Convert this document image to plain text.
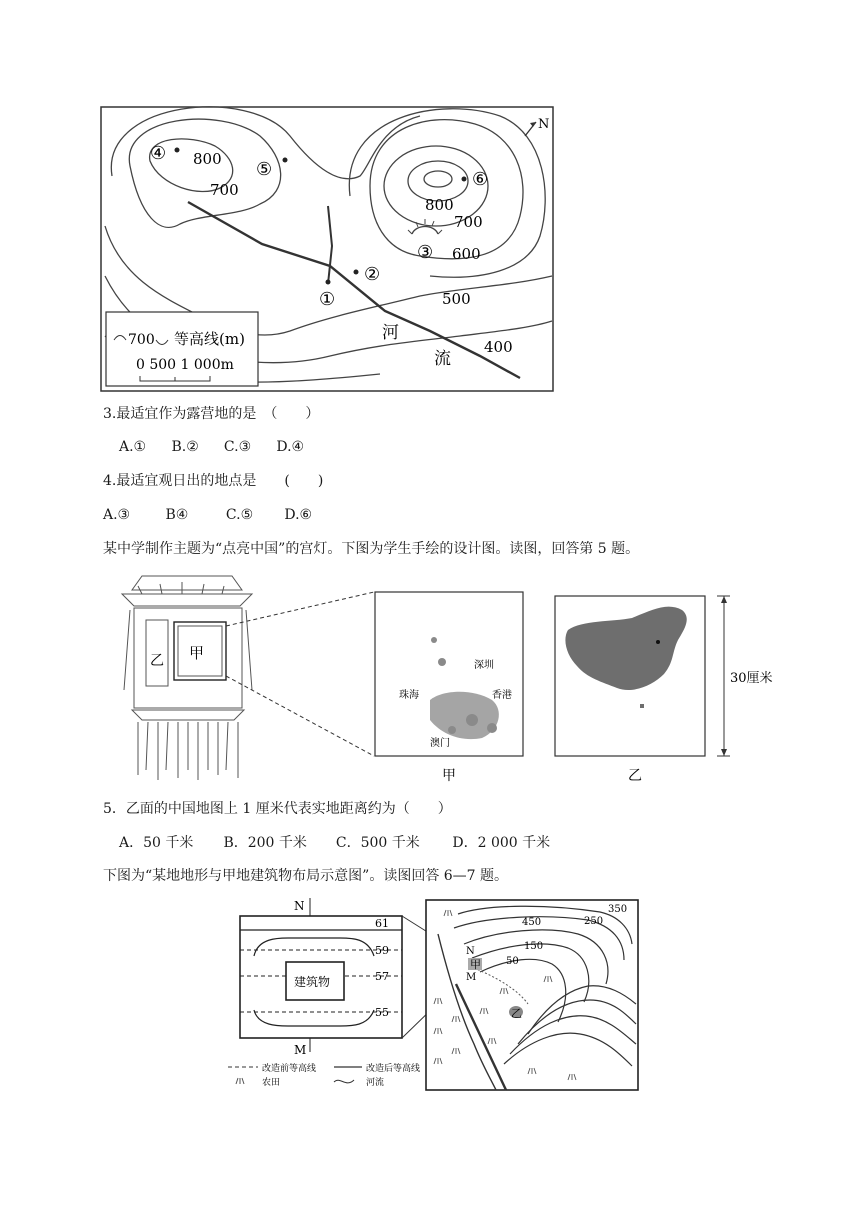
N
④
⑤	⑥
③
②
①
800
700
800
700
600
500
400
河
流
700 等高线(m)
0 500 1 000m
3.最适宜作为露营地的是　（　　）
A.① B.② C.③ D.④
4.最适宜观日出的地点是　　(　　)
A.③	B④	C.⑤ D.⑥
某中学制作主题为“点亮中国”的宫灯。下图为学生手绘的设计图。读图，回答第 5 题。
乙 甲
深圳
珠海	香港
澳门
甲	乙
30厘米
5．乙面的中国地图上 1 厘米代表实地距离约为（　　）
A．50 千米 B．200 千米 C．500 千米 D．2 000 千米
下图为“某地地形与甲地建筑物布局示意图”。读图回答 6—7 题。
N
M
建筑物
61
59
57
55
甲
乙
N
M
450
350
250
150
50
改造前等高线	改造后等高线
农田	河流
